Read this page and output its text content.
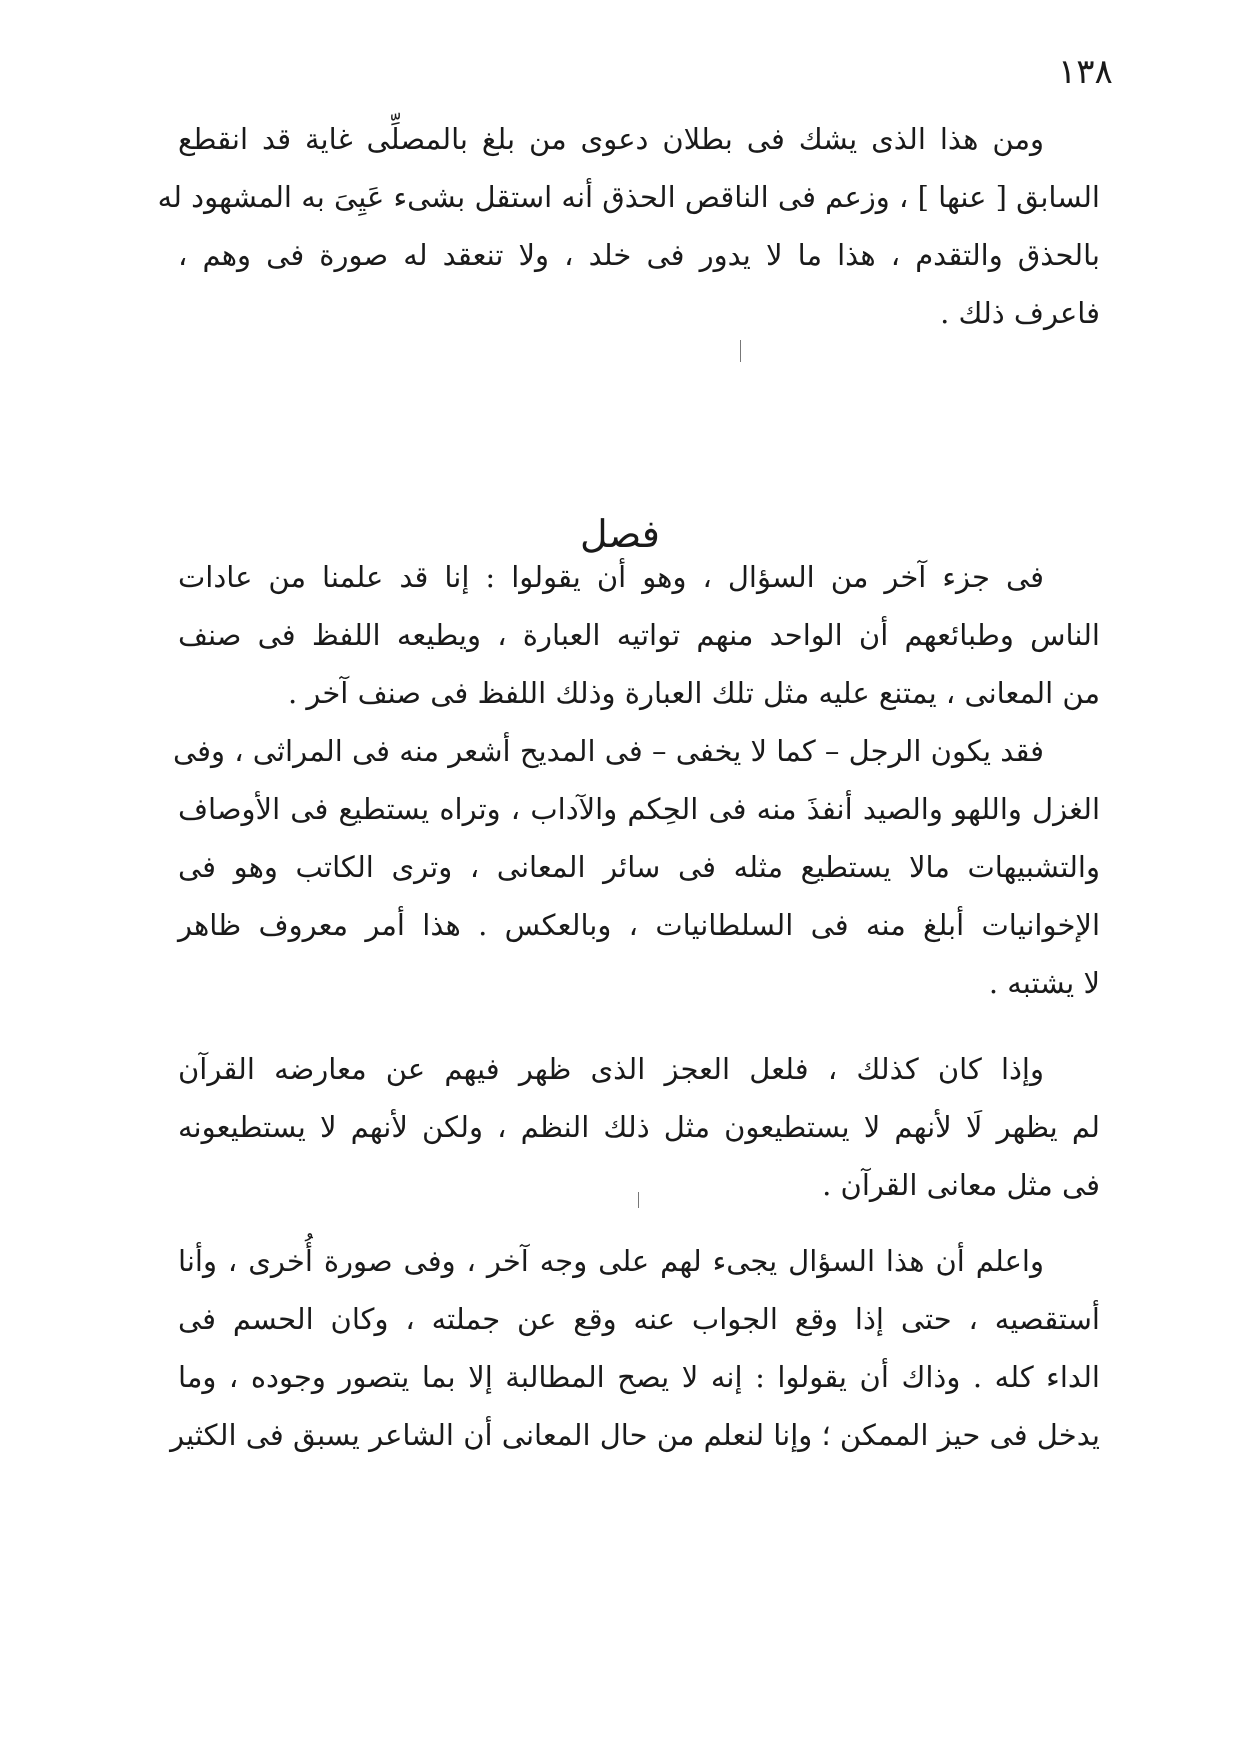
١٣٨
ومن هذا الذى يشك فى بطلان دعوى من بلغ بالمصلِّى غاية قد انقطع
السابق [ عنها ] ، وزعم فى الناقص الحذق أنه استقل بشىء عَيِىَ به المشهود له
بالحذق والتقدم ، هذا ما لا يدور فى خلد ، ولا تنعقد له صورة فى وهم ،
فاعرف ذلك .
فصل
فى جزء آخر من السؤال ، وهو أن يقولوا : إنا قد علمنا من عادات
الناس وطبائعهم أن الواحد منهم تواتيه العبارة ، ويطيعه اللفظ فى صنف
من المعانى ، يمتنع عليه مثل تلك العبارة وذلك اللفظ فى صنف آخر .
فقد يكون الرجل – كما لا يخفى – فى المديح أشعر منه فى المراثى ، وفى
الغزل واللهو والصيد أنفذَ منه فى الحِكم والآداب ، وتراه يستطيع فى الأوصاف
والتشبيهات مالا يستطيع مثله فى سائر المعانى ، وترى الكاتب وهو فى
الإخوانيات أبلغ منه فى السلطانيات ، وبالعكس . هذا أمر معروف ظاهر
لا يشتبه .
وإذا كان كذلك ، فلعل العجز الذى ظهر فيهم عن معارضه القرآن
لم يظهر لَا لأنهم لا يستطيعون مثل ذلك النظم ، ولكن لأنهم لا يستطيعونه
فى مثل معانى القرآن .
واعلم أن هذا السؤال يجىء لهم على وجه آخر ، وفى صورة أُخرى ، وأنا
أستقصيه ، حتى إذا وقع الجواب عنه وقع عن جملته ، وكان الحسم فى
الداء كله . وذاك أن يقولوا : إنه لا يصح المطالبة إلا بما يتصور وجوده ، وما
يدخل فى حيز الممكن ؛ وإنا لنعلم من حال المعانى أن الشاعر يسبق فى الكثير
